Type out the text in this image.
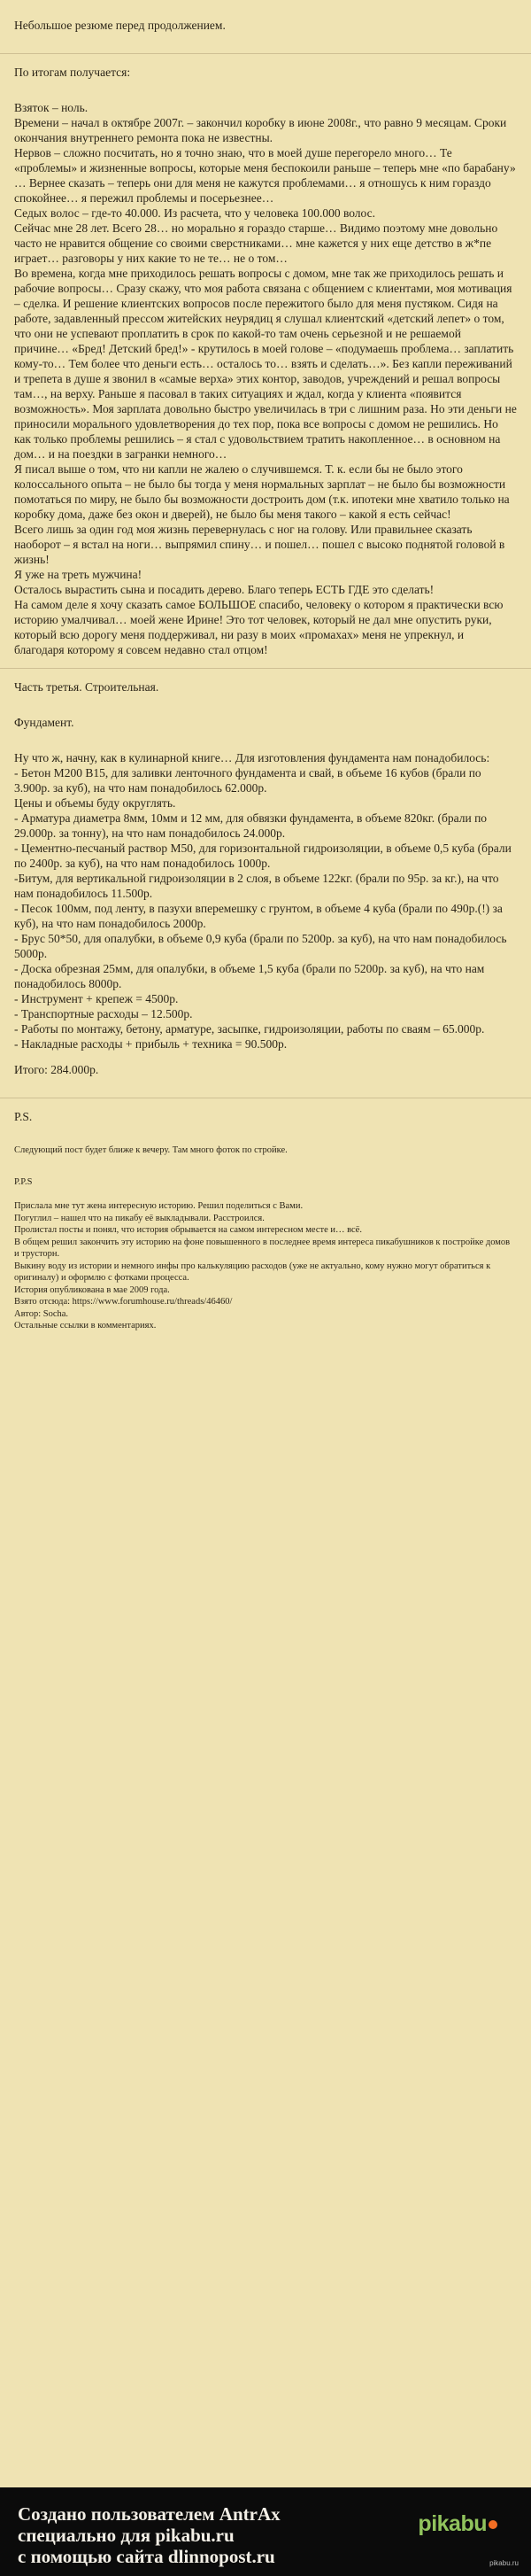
Небольшое резюме перед продолжением.

По итогам получается:

Взяток – ноль.
Времени – начал в октябре 2007г. – закончил коробку в июне 2008г., что равно 9 месяцам. Сроки окончания внутреннего ремонта пока не известны.
Нервов – сложно посчитать, но я точно знаю, что в моей душе перегорело много… Те «проблемы» и жизненные вопросы, которые меня беспокоили раньше – теперь мне «по барабану» … Вернее сказать – теперь они для меня не кажутся проблемами… я отношусь к ним гораздо спокойнее… я пережил проблемы и посерьезнее…
Седых волос – где-то 40.000. Из расчета, что у человека 100.000 волос.
Сейчас мне 28 лет. Всего 28… но морально я гораздо старше… Видимо поэтому мне довольно часто не нравится общение со своими сверстниками… мне кажется у них еще детство в ж*пе играет… разговоры у них какие то не те… не о том…
Во времена, когда мне приходилось решать вопросы с домом, мне так же приходилось решать и рабочие вопросы… Сразу скажу, что моя работа связана с общением с клиентами, моя мотивация – сделка. И решение клиентских вопросов после пережитого было для меня пустяком. Сидя на работе, задавленный прессом житейских неурядиц я слушал клиентский «детский лепет» о том, что они не успевают проплатить в срок по какой-то там очень серьезной и не решаемой причине… «Бред! Детский бред!» - крутилось в моей голове – «подумаешь проблема… заплатить кому-то… Тем более что деньги есть… осталось то… взять и сделать…». Без капли переживаний и трепета в душе я звонил в «самые верха» этих контор, заводов, учреждений и решал вопросы там…, на верху. Раньше я пасовал в таких ситуациях и ждал, когда у клиента «появится возможность». Моя зарплата довольно быстро увеличилась в три с лишним раза. Но эти деньги не приносили морального удовлетворения до тех пор, пока все вопросы с домом не решились. Но как только проблемы решились – я стал с удовольствием тратить накопленное… в основном на дом… и на поездки в загранки немного…
Я писал выше о том, что ни капли не жалею о случившемся. Т. к. если бы не было этого колоссального опыта – не было бы тогда у меня нормальных зарплат – не было бы возможности помотаться по миру, не было бы возможности достроить дом (т.к. ипотеки мне хватило только на коробку дома, даже без окон и дверей), не было бы меня такого – какой я есть сейчас!
Всего лишь за один год моя жизнь перевернулась с ног на голову. Или правильнее сказать наоборот – я встал на ноги… выпрямил спину… и пошел… пошел с высоко поднятой головой в жизнь!
Я уже на треть мужчина!
Осталось вырастить сына и посадить дерево. Благо теперь ЕСТЬ ГДЕ это сделать!
На самом деле я хочу сказать самое БОЛЬШОЕ спасибо, человеку о котором я практически всю историю умалчивал… моей жене Ирине! Это тот человек, который не дал мне опустить руки, который всю дорогу меня поддерживал, ни разу в моих «промахах» меня не упрекнул, и благодаря которому я совсем недавно стал отцом!

Часть третья. Строительная.

Фундамент.

Ну что ж, начну, как в кулинарной книге… Для изготовления фундамента нам понадобилось:
- Бетон М200 В15, для заливки ленточного фундамента и свай, в объеме 16 кубов (брали по 3.900р. за куб), на что нам понадобилось 62.000р.
Цены и объемы буду округлять.
- Арматура диаметра 8мм, 10мм и 12 мм, для обвязки фундамента, в объеме 820кг. (брали по 29.000р. за тонну), на что нам понадобилось 24.000р.
- Цементно-песчаный раствор М50, для горизонтальной гидроизоляции, в объеме 0,5 куба (брали по 2400р. за куб), на что нам понадобилось 1000р.
-Битум, для вертикальной гидроизоляции в 2 слоя, в объеме 122кг. (брали по 95р. за кг.), на что нам понадобилось 11.500р.
- Песок 100мм, под ленту, в пазухи вперемешку с грунтом, в объеме 4 куба (брали по 490р.(!) за куб), на что нам понадобилось 2000р.
- Брус 50*50, для опалубки, в объеме 0,9 куба (брали по 5200р. за куб), на что нам понадобилось 5000р.
- Доска обрезная 25мм, для опалубки, в объеме 1,5 куба (брали по 5200р. за куб), на что нам понадобилось 8000р.
- Инструмент + крепеж = 4500р.
- Транспортные расходы – 12.500р.
- Работы по монтажу, бетону, арматуре, засыпке, гидроизоляции, работы по сваям – 65.000р.
- Накладные расходы + прибыль + техника = 90.500р.

Итого: 284.000р.

P.S.

Следующий пост будет ближе к вечеру. Там много фоток по стройке.

P.P.S

Прислала мне тут жена интересную историю. Решил поделиться с Вами.
Погуглил – нашел что на пикабу её выкладывали. Расстроился.
Пролистал посты и понял, что история обрывается на самом интересном месте и… всё.
В общем решил закончить эту историю на фоне повышенного в последнее время интереса пикабушников к постройке домов и трусторн.
Выкину воду из истории и немного инфы про калькуляцию расходов (уже не актуально, кому нужно могут обратиться к оригиналу) и оформлю с фотками процесса.
История опубликована в мае 2009 года.
Взято отсюда: https://www.forumhouse.ru/threads/46460/
Автор: Socha.
Остальные ссылки в комментариях.

Создано пользователем AntrAx
специально для pikabu.ru
с помощью сайта dlinnopost.ru
pikabu
pikabu.ru
